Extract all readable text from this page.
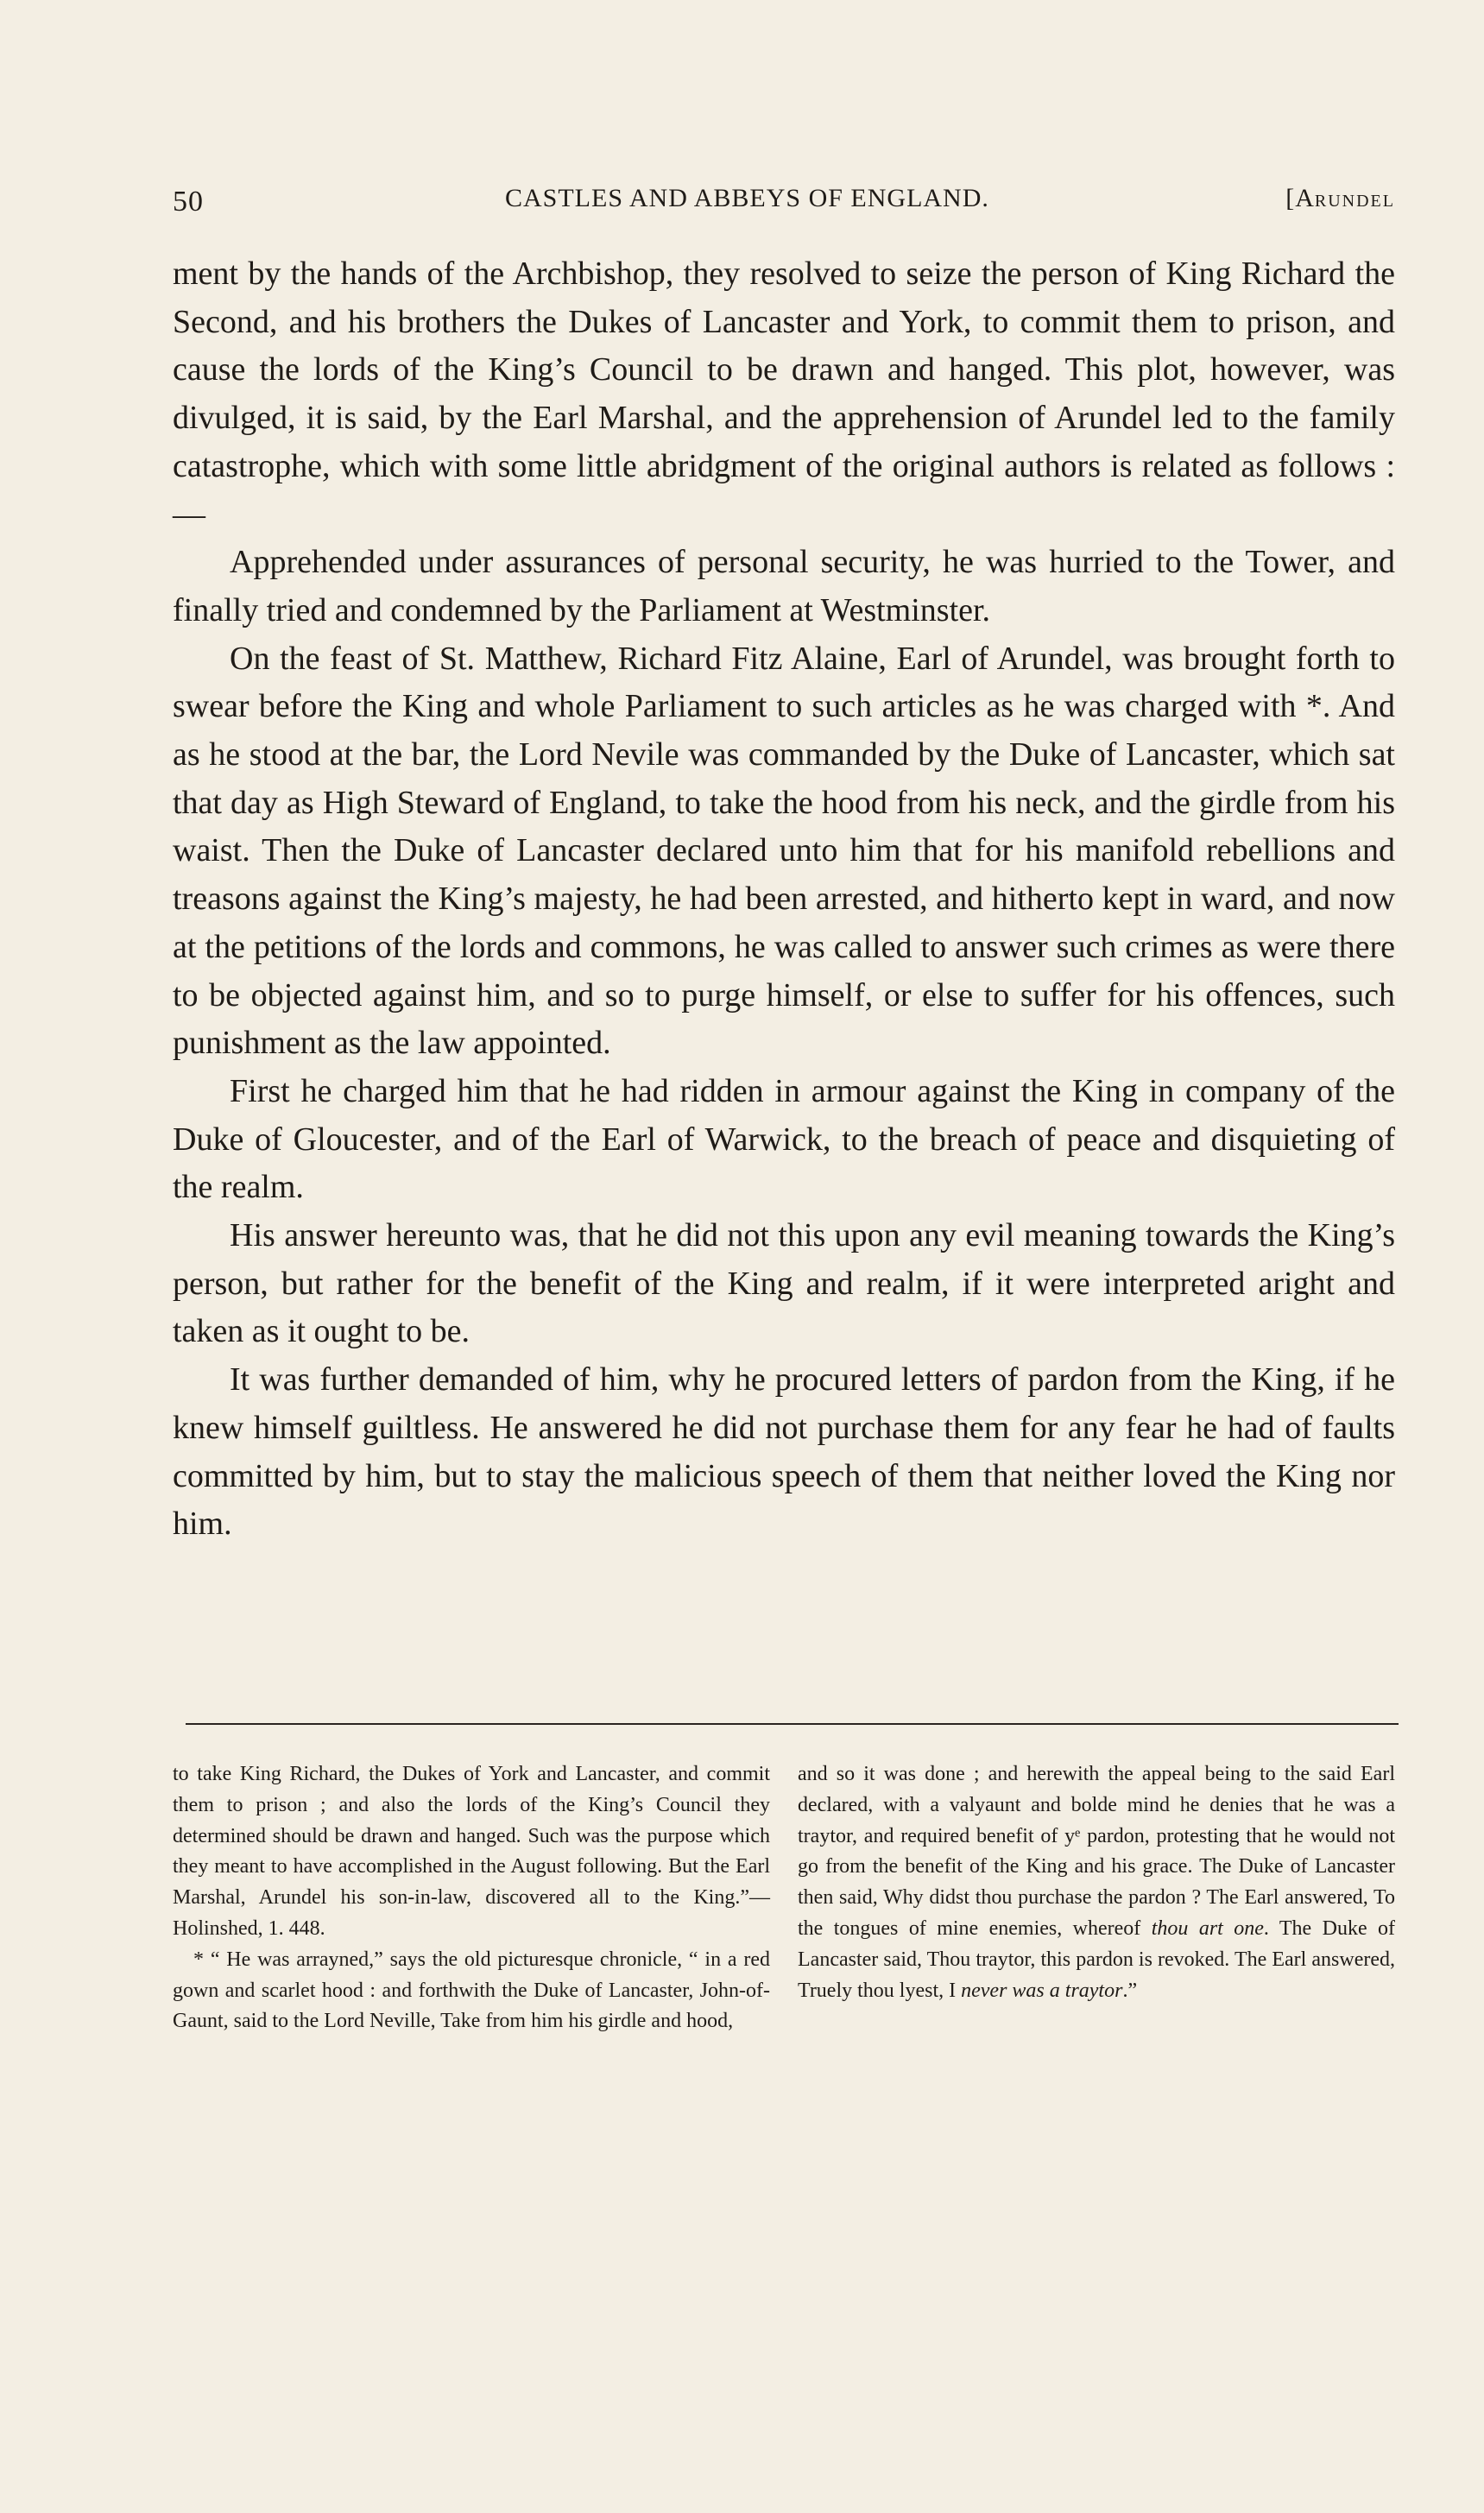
50	CASTLES AND ABBEYS OF ENGLAND.	[ARUNDEL

ment by the hands of the Archbishop, they resolved to seize the person of King Richard the Second, and his brothers the Dukes of Lancaster and York, to commit them to prison, and cause the lords of the King’s Council to be drawn and hanged. This plot, however, was divulged, it is said, by the Earl Marshal, and the apprehension of Arundel led to the family catastrophe, which with some little abridgment of the original authors is related as follows :—

Apprehended under assurances of personal security, he was hurried to the Tower, and finally tried and condemned by the Parliament at Westminster.

On the feast of St. Matthew, Richard Fitz Alaine, Earl of Arundel, was brought forth to swear before the King and whole Parliament to such articles as he was charged with *. And as he stood at the bar, the Lord Nevile was commanded by the Duke of Lancaster, which sat that day as High Steward of England, to take the hood from his neck, and the girdle from his waist. Then the Duke of Lancaster declared unto him that for his manifold rebellions and treasons against the King’s majesty, he had been arrested, and hitherto kept in ward, and now at the petitions of the lords and commons, he was called to answer such crimes as were there to be objected against him, and so to purge himself, or else to suffer for his offences, such punishment as the law appointed.

First he charged him that he had ridden in armour against the King in company of the Duke of Gloucester, and of the Earl of Warwick, to the breach of peace and disquieting of the realm.

His answer hereunto was, that he did not this upon any evil meaning towards the King’s person, but rather for the benefit of the King and realm, if it were interpreted aright and taken as it ought to be.

It was further demanded of him, why he procured letters of pardon from the King, if he knew himself guiltless. He answered he did not purchase them for any fear he had of faults committed by him, but to stay the malicious speech of them that neither loved the King nor him.

to take King Richard, the Dukes of York and Lancaster, and commit them to prison ; and also the lords of the King’s Council they determined should be drawn and hanged. Such was the purpose which they meant to have accomplished in the August following. But the Earl Marshal, Arundel his son-in-law, discovered all to the King.”—Holinshed, 1. 448.

* “ He was arrayned,” says the old picturesque chronicle, “ in a red gown and scarlet hood : and forthwith the Duke of Lancaster, John-of-Gaunt, said to the Lord Neville, Take from him his girdle and hood,

and so it was done ; and herewith the appeal being to the said Earl declared, with a valyaunt and bolde mind he denies that he was a traytor, and required benefit of yᵉ pardon, protesting that he would not go from the benefit of the King and his grace. The Duke of Lancaster then said, Why didst thou purchase the pardon ? The Earl answered, To the tongues of mine enemies, whereof thou art one. The Duke of Lancaster said, Thou traytor, this pardon is revoked. The Earl answered, Truely thou lyest, I never was a traytor.”
